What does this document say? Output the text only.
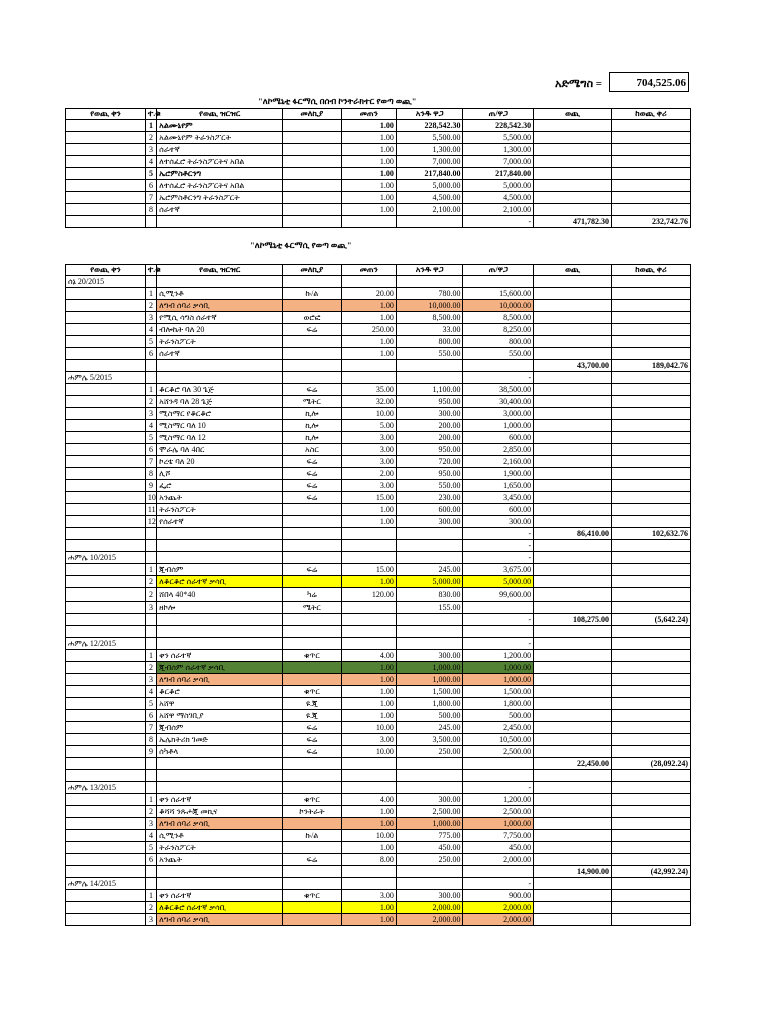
አድሜግስ =	704,525.06
"ለኮሜኒቲ ፋርማሲ በሰብ ኮንትራክተር የወጣ ወጪ"
የወጪ ቀን	ተ.ቁ	የወጪ ዝርዝር	መለኪያ	መጠን	አንዱ ዋጋ	ጠ/ዋጋ	ወጪ	ከወጪ ቀሪ
	1	አልሙኒየም		1.00	228,542.30	228,542.30		
	2	አልሙኒየም ትራንስፖርት		1.00	5,500.00	5,500.00		
	3	ሰራተኛ		1.00	1,300.00	1,300.00		
	4	ለተሰፈሮ ትራንስፖርትና አበል		1.00	7,000.00	7,000.00		
	5	ኤሮምስቶርንግ		1.00	217,840.00	217,840.00		
	6	ለተሰፈሮ ትራንስፖርትና አበል		1.00	5,000.00	5,000.00		
	7	ኤሮምስቶርንግ ትራንስፖርት		1.00	4,500.00	4,500.00		
	8	ሰራተኛ		1.00	2,100.00	2,100.00		
						-	471,782.30	232,742.76
"ለኮሜኒቲ ፋርማሲ የወጣ ወጪ"
የወጪ ቀን	ተ.ቁ	የወጪ ዝርዝር	መለኪያ	መጠን	አንዱ ዋጋ	ጠ/ዋጋ	ወጪ	ከወጪ ቀሪ
ሰኔ 20/2015								
	1	ሲሚንቶ	ኩ/ል	20.00	780.00	15,600.00		
	2	ለግብ ሰባሪ ቃሳቢ		1.00	10,000.00	10,000.00		
	3	የሚሲ ሳግስ ሰራተኛ	ወሮፎ	1.00	8,500.00	8,500.00		
	4	ብሎኬት ባለ 20	ፍሬ	250.00	33.00	8,250.00		
	5	ትራንስፖርት		1.00	800.00	800.00		
	6	ሰራተኛ		1.00	550.00	550.00		
							43,700.00	189,042.76
ሐምሌ 5/2015						-		
	1	ቆርቆሮ ባለ 30 ጌጅ	ፍሬ	35.00	1,100.00	38,500.00		
	2	አሸንዳ ባለ 28 ጌጅ	ሜትር	32.00	950.00	30,400.00		
	3	ሚስማር የቆርቆሮ	ኪሎ	10.00	300.00	3,000.00		
	4	ሚስማር ባለ 10	ኪሎ	5.00	200.00	1,000.00		
	5	ሚስማር ባለ 12	ኪሎ	3.00	200.00	600.00		
	6	ሞራሌ ባለ 4በር	አስር	3.00	950.00	2,850.00		
	7	ኮረቴ ባለ 20	ፍሬ	3.00	720.00	2,160.00		
	8	ሊሾ	ፍሬ	2.00	950.00	1,900.00		
	9	ፌሮ	ፍሬ	3.00	550.00	1,650.00		
	10	አንጨት	ፍሬ	15.00	230.00	3,450.00		
	11	ትራንስፖርት		1.00	600.00	600.00		
	12	የሰራተኛ		1.00	300.00	300.00		
						-	86,410.00	102,632.76
						-		
ሐምሌ 10/2015						-		
	1	ጂብሰም	ፍሬ	15.00	245.00	3,675.00		
	2	ለቆርቆሮ ሰራተኛ ቃሳቢ		1.00	5,000.00	5,000.00		
	2	ሸበላ 40*40	ካሬ	120.00	830.00	99,600.00		
	3	ዘኮሎ	ሜትር		155.00			
						-	108,275.00	(5,642.24)

ሐምሌ 12/2015						-		
	1	ቀን ሰራተኛ	ቁጥር	4.00	300.00	1,200.00		
	2	ጂብሰም ሰራተኛ ቃሳቢ		1.00	1,000.00	1,000.00		
	3	ለግብ ሰባሪ ቃሳቢ		1.00	1,000.00	1,000.00		
	4	ቆርቆሮ	ቁጥር	1.00	1,500.00	1,500.00		
	5	አሸዋ	ዩ.ጂ	1.00	1,800.00	1,800.00		
	6	አሸዋ ማስገቢያ	ዩ.ጂ	1.00	500.00	500.00		
	7	ጂብሰም	ፍሬ	10.00	245.00	2,450.00		
	8	ኤሌክትሪክ ገመድ	ፍሬ	3.00	3,500.00	10,500.00		
	9	ሰካቶላ	ፍሬ	10.00	250.00	2,500.00		
							22,450.00	(28,092.24)

ሐምሌ 13/2015						-		
	1	ቀን ሰራተኛ	ቁጥር	4.00	300.00	1,200.00		
	2	ቆሻሻ ንጹሖጂ መኪና	ኮንትራት	1.00	2,500.00	2,500.00		
	3	ለግብ ሰባሪ ቃሳቢ		1.00	1,000.00	1,000.00		
	4	ሲሚንቶ	ኩ/ል	10.00	775.00	7,750.00		
	5	ትራንስፖርት		1.00	450.00	450.00		
	6	አንጨት	ፍሬ	8.00	250.00	2,000.00		
							14,900.00	(42,992.24)
ሐምሌ 14/2015						-		
	1	ቀን ሰራተኛ	ቁጥር	3.00	300.00	900.00		
	2	ለቆርቆሮ ሰራተኛ ቃሳቢ		1.00	2,000.00	2,000.00		
	3	ለግብ ሰባሪ ቃሳቢ		1.00	2,000.00	2,000.00		
